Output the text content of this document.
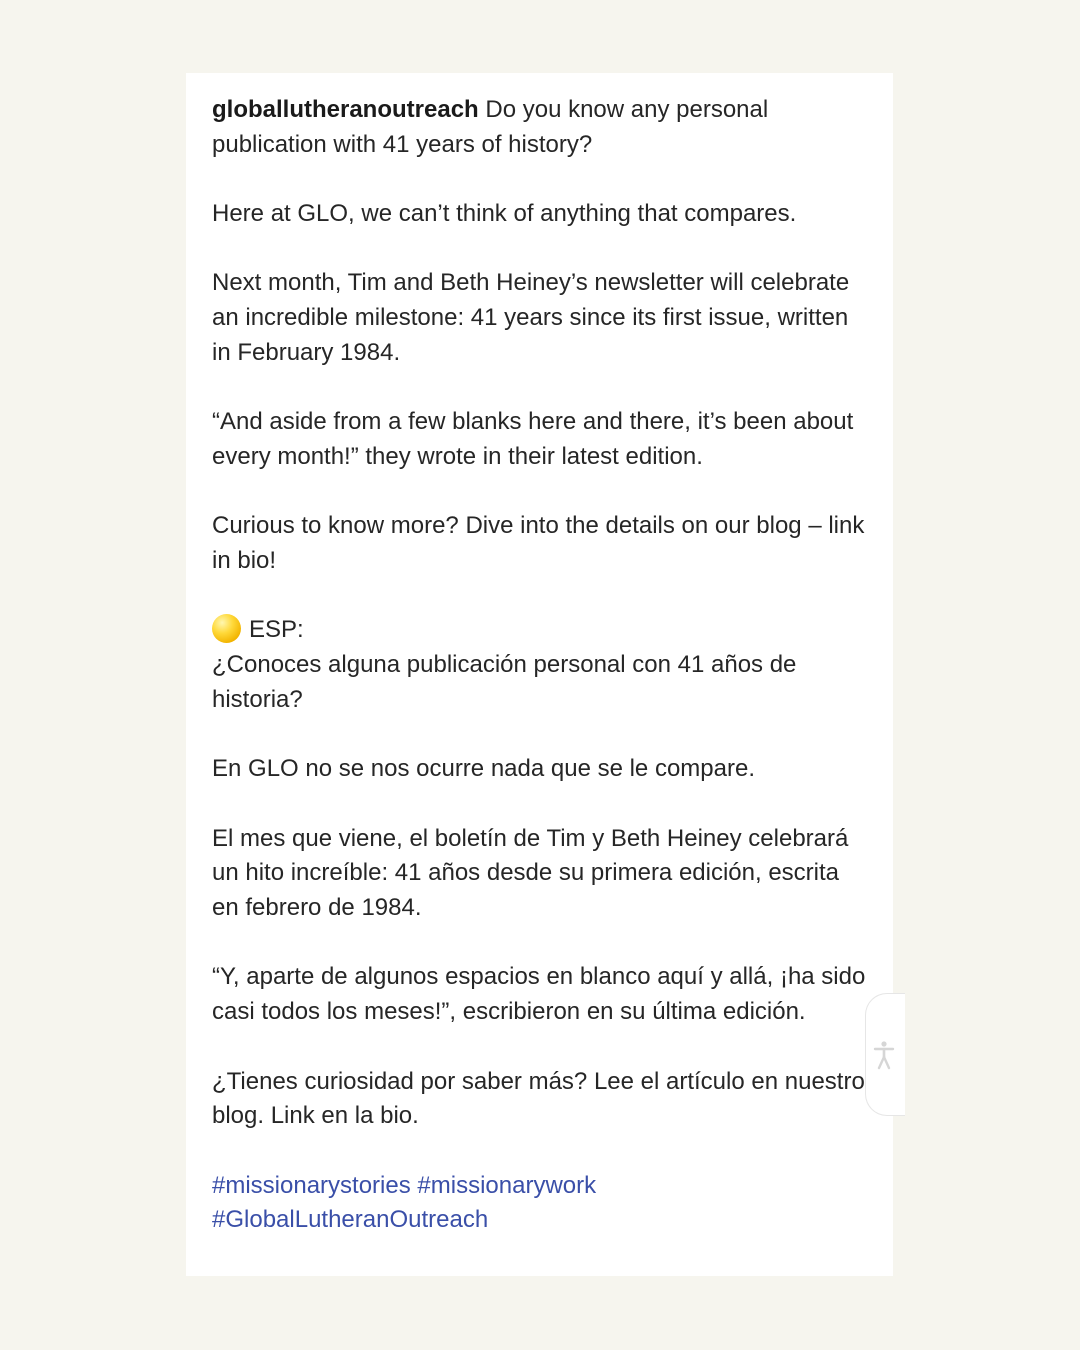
globallutheranoutreach Do you know any personal publication with 41 years of history?

Here at GLO, we can’t think of anything that compares.

Next month, Tim and Beth Heiney’s newsletter will celebrate an incredible milestone: 41 years since its first issue, written in February 1984.

“And aside from a few blanks here and there, it’s been about every month!” they wrote in their latest edition.

Curious to know more? Dive into the details on our blog – link in bio!

ESP:
¿Conoces alguna publicación personal con 41 años de historia?

En GLO no se nos ocurre nada que se le compare.

El mes que viene, el boletín de Tim y Beth Heiney celebrará un hito increíble: 41 años desde su primera edición, escrita en febrero de 1984.

“Y, aparte de algunos espacios en blanco aquí y allá, ¡ha sido casi todos los meses!”, escribieron en su última edición.

¿Tienes curiosidad por saber más? Lee el artículo en nuestro blog. Link en la bio.

#missionarystories #missionarywork
#GlobalLutheranOutreach
